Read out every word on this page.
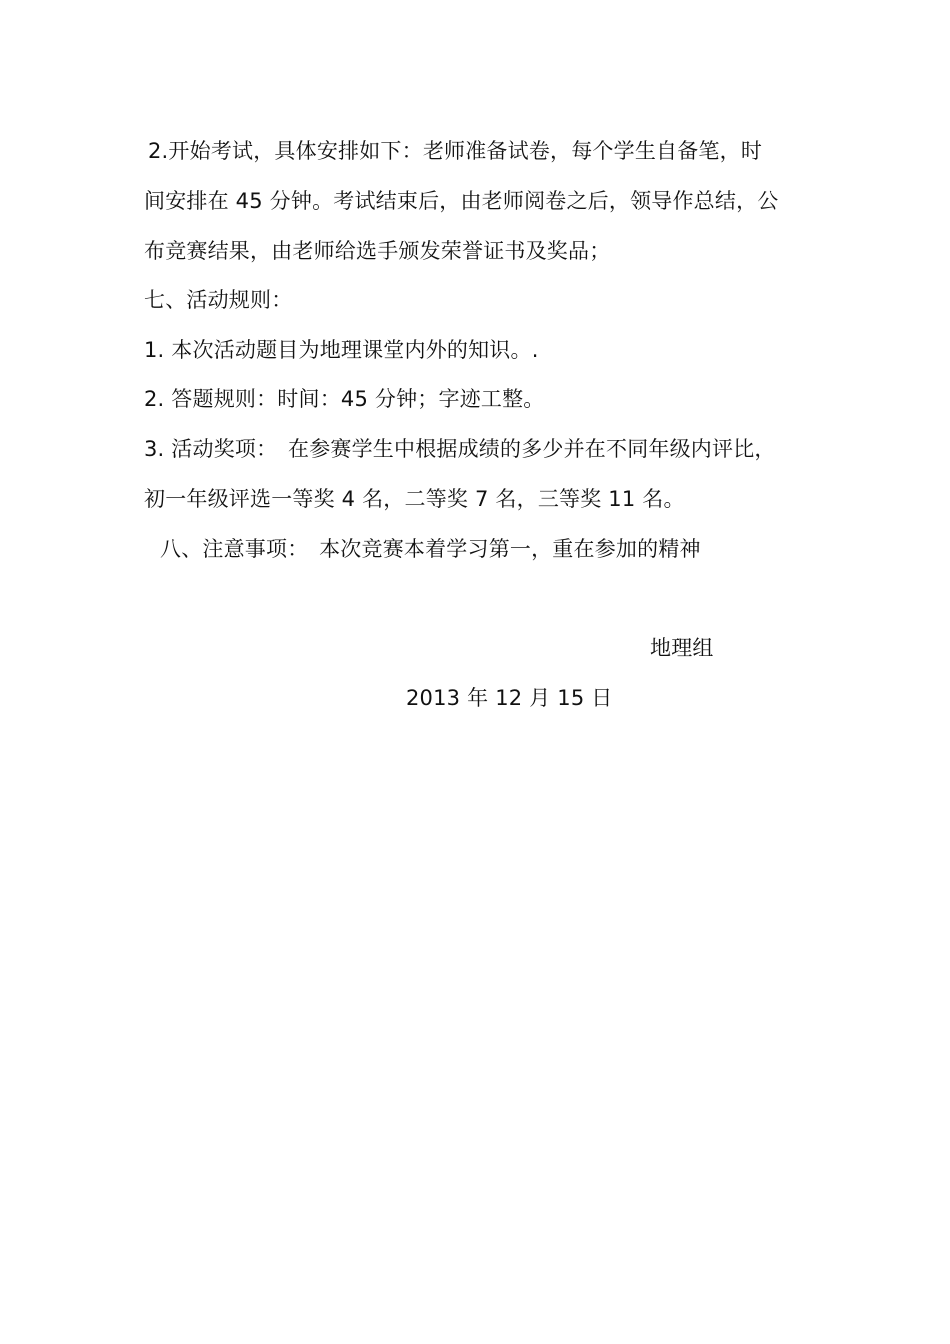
2.开始考试，具体安排如下：老师准备试卷，每个学生自备笔，时
间安排在 45 分钟。考试结束后，由老师阅卷之后，领导作总结，公
布竞赛结果，由老师给选手颁发荣誉证书及奖品；
七、活动规则：
1. 本次活动题目为地理课堂内外的知识。.
2. 答题规则：时间：45 分钟；字迹工整。
3. 活动奖项：　在参赛学生中根据成绩的多少并在不同年级内评比，
初一年级评选一等奖 4 名，二等奖 7 名，三等奖 11 名。
八、注意事项：　本次竞赛本着学习第一，重在参加的精神
地理组
2013 年 12 月 15 日
